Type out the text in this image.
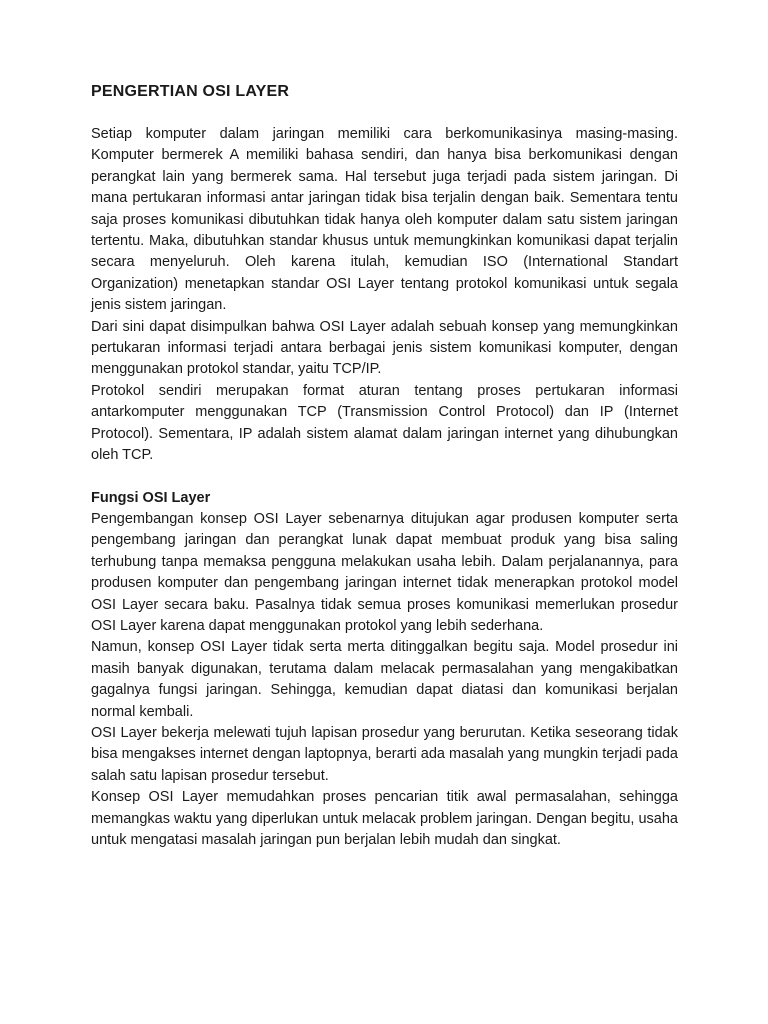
PENGERTIAN OSI LAYER

Setiap komputer dalam jaringan memiliki cara berkomunikasinya masing-masing. Komputer bermerek A memiliki bahasa sendiri, dan hanya bisa berkomunikasi dengan perangkat lain yang bermerek sama. Hal tersebut juga terjadi pada sistem jaringan. Di mana pertukaran informasi antar jaringan tidak bisa terjalin dengan baik. Sementara tentu saja proses komunikasi dibutuhkan tidak hanya oleh komputer dalam satu sistem jaringan tertentu. Maka, dibutuhkan standar khusus untuk memungkinkan komunikasi dapat terjalin secara menyeluruh. Oleh karena itulah, kemudian ISO (International Standart Organization) menetapkan standar OSI Layer tentang protokol komunikasi untuk segala jenis sistem jaringan.

Dari sini dapat disimpulkan bahwa OSI Layer adalah sebuah konsep yang memungkinkan pertukaran informasi terjadi antara berbagai jenis sistem komunikasi komputer, dengan menggunakan protokol standar, yaitu TCP/IP.

Protokol sendiri merupakan format aturan tentang proses pertukaran informasi antarkomputer menggunakan TCP (Transmission Control Protocol) dan IP (Internet Protocol). Sementara, IP adalah sistem alamat dalam jaringan internet yang dihubungkan oleh TCP.

Fungsi OSI Layer

Pengembangan konsep OSI Layer sebenarnya ditujukan agar produsen komputer serta pengembang jaringan dan perangkat lunak dapat membuat produk yang bisa saling terhubung tanpa memaksa pengguna melakukan usaha lebih. Dalam perjalanannya, para produsen komputer dan pengembang jaringan internet tidak menerapkan protokol model OSI Layer secara baku. Pasalnya tidak semua proses komunikasi memerlukan prosedur OSI Layer karena dapat menggunakan protokol yang lebih sederhana.

Namun, konsep OSI Layer tidak serta merta ditinggalkan begitu saja. Model prosedur ini masih banyak digunakan, terutama dalam melacak permasalahan yang mengakibatkan gagalnya fungsi jaringan. Sehingga, kemudian dapat diatasi dan komunikasi berjalan normal kembali.

OSI Layer bekerja melewati tujuh lapisan prosedur yang berurutan. Ketika seseorang tidak bisa mengakses internet dengan laptopnya, berarti ada masalah yang mungkin terjadi pada salah satu lapisan prosedur tersebut.

Konsep OSI Layer memudahkan proses pencarian titik awal permasalahan, sehingga memangkas waktu yang diperlukan untuk melacak problem jaringan. Dengan begitu, usaha untuk mengatasi masalah jaringan pun berjalan lebih mudah dan singkat.
